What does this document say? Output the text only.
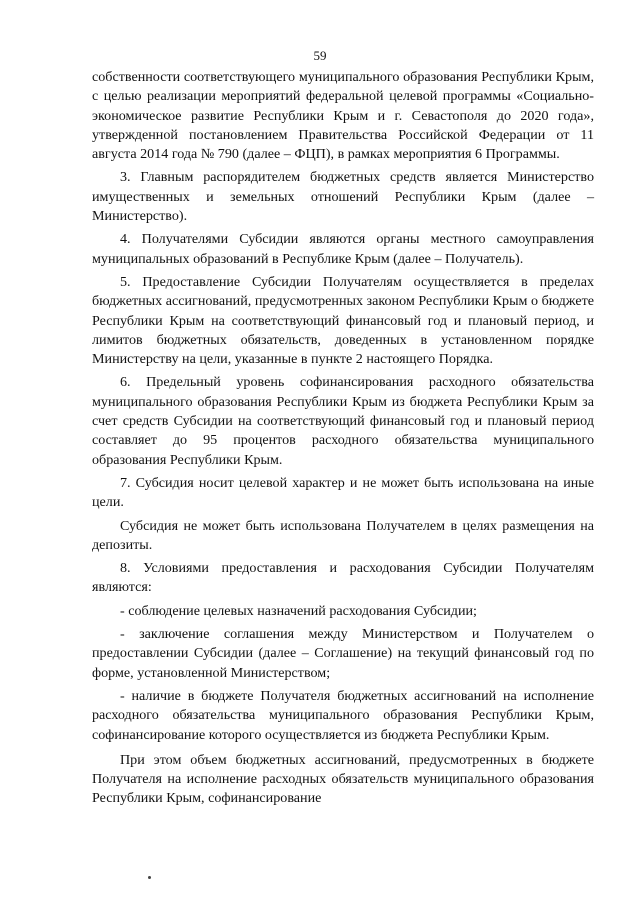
59

собственности соответствующего муниципального образования Республики Крым, с целью реализации мероприятий федеральной целевой программы «Социально-экономическое развитие Республики Крым и г. Севастополя до 2020 года», утвержденной постановлением Правительства Российской Федерации от 11 августа 2014 года № 790 (далее – ФЦП), в рамках мероприятия 6 Программы.

3. Главным распорядителем бюджетных средств является Министерство имущественных и земельных отношений Республики Крым (далее – Министерство).

4. Получателями Субсидии являются органы местного самоуправления муниципальных образований в Республике Крым (далее – Получатель).

5. Предоставление Субсидии Получателям осуществляется в пределах бюджетных ассигнований, предусмотренных законом Республики Крым о бюджете Республики Крым на соответствующий финансовый год и плановый период, и лимитов бюджетных обязательств, доведенных в установленном порядке Министерству на цели, указанные в пункте 2 настоящего Порядка.

6. Предельный уровень софинансирования расходного обязательства муниципального образования Республики Крым из бюджета Республики Крым за счет средств Субсидии на соответствующий финансовый год и плановый период составляет до 95 процентов расходного обязательства муниципального образования Республики Крым.

7. Субсидия носит целевой характер и не может быть использована на иные цели.

Субсидия не может быть использована Получателем в целях размещения на депозиты.

8. Условиями предоставления и расходования Субсидии Получателям являются:

- соблюдение целевых назначений расходования Субсидии;

- заключение соглашения между Министерством и Получателем о предоставлении Субсидии (далее – Соглашение) на текущий финансовый год по форме, установленной Министерством;

- наличие в бюджете Получателя бюджетных ассигнований на исполнение расходного обязательства муниципального образования Республики Крым, софинансирование которого осуществляется из бюджета Республики Крым.

При этом объем бюджетных ассигнований, предусмотренных в бюджете Получателя на исполнение расходных обязательств муниципального образования Республики Крым, софинансирование
